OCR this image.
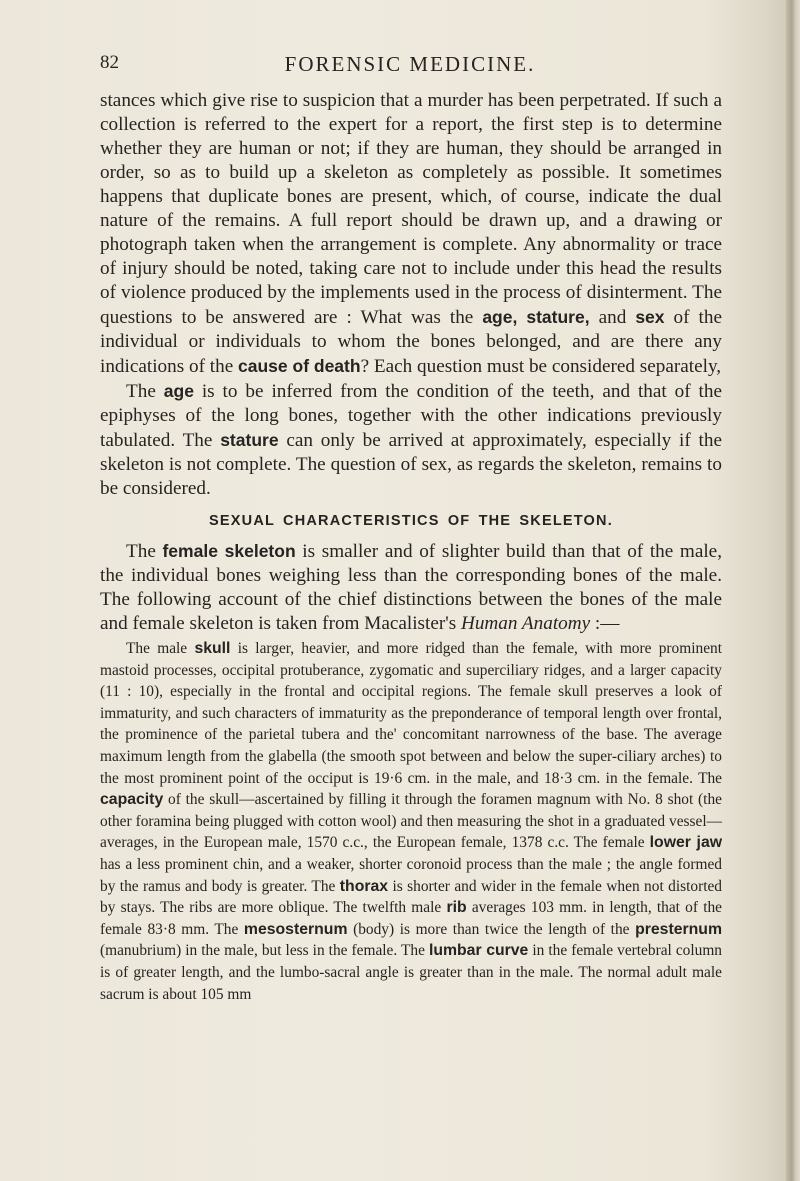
82	FORENSIC MEDICINE.

stances which give rise to suspicion that a murder has been perpetrated. If such a collection is referred to the expert for a report, the first step is to determine whether they are human or not; if they are human, they should be arranged in order, so as to build up a skeleton as completely as possible. It sometimes happens that duplicate bones are present, which, of course, indicate the dual nature of the remains. A full report should be drawn up, and a drawing or photograph taken when the arrangement is complete. Any abnormality or trace of injury should be noted, taking care not to include under this head the results of violence produced by the implements used in the process of disinterment. The questions to be answered are : What was the age, stature, and sex of the individual or individuals to whom the bones belonged, and are there any indications of the cause of death? Each question must be considered separately,

The age is to be inferred from the condition of the teeth, and that of the epiphyses of the long bones, together with the other indications previously tabulated. The stature can only be arrived at approximately, especially if the skeleton is not complete. The question of sex, as regards the skeleton, remains to be considered.

SEXUAL CHARACTERISTICS OF THE SKELETON.

The female skeleton is smaller and of slighter build than that of the male, the individual bones weighing less than the corresponding bones of the male. The following account of the chief distinctions between the bones of the male and female skeleton is taken from Macalister's Human Anatomy :—

The male skull is larger, heavier, and more ridged than the female, with more prominent mastoid processes, occipital protuberance, zygomatic and superciliary ridges, and a larger capacity (11 : 10), especially in the frontal and occipital regions. The female skull preserves a look of immaturity, and such characters of immaturity as the preponderance of temporal length over frontal, the prominence of the parietal tubera and the' concomitant narrowness of the base. The average maximum length from the glabella (the smooth spot between and below the super-ciliary arches) to the most prominent point of the occiput is 19·6 cm. in the male, and 18·3 cm. in the female. The capacity of the skull—ascertained by filling it through the foramen magnum with No. 8 shot (the other foramina being plugged with cotton wool) and then measuring the shot in a graduated vessel—averages, in the European male, 1570 c.c., the European female, 1378 c.c. The female lower jaw has a less prominent chin, and a weaker, shorter coronoid process than the male ; the angle formed by the ramus and body is greater. The thorax is shorter and wider in the female when not distorted by stays. The ribs are more oblique. The twelfth male rib averages 103 mm. in length, that of the female 83·8 mm. The mesosternum (body) is more than twice the length of the presternum (manubrium) in the male, but less in the female. The lumbar curve in the female vertebral column is of greater length, and the lumbo-sacral angle is greater than in the male. The normal adult male sacrum is about 105 mm
